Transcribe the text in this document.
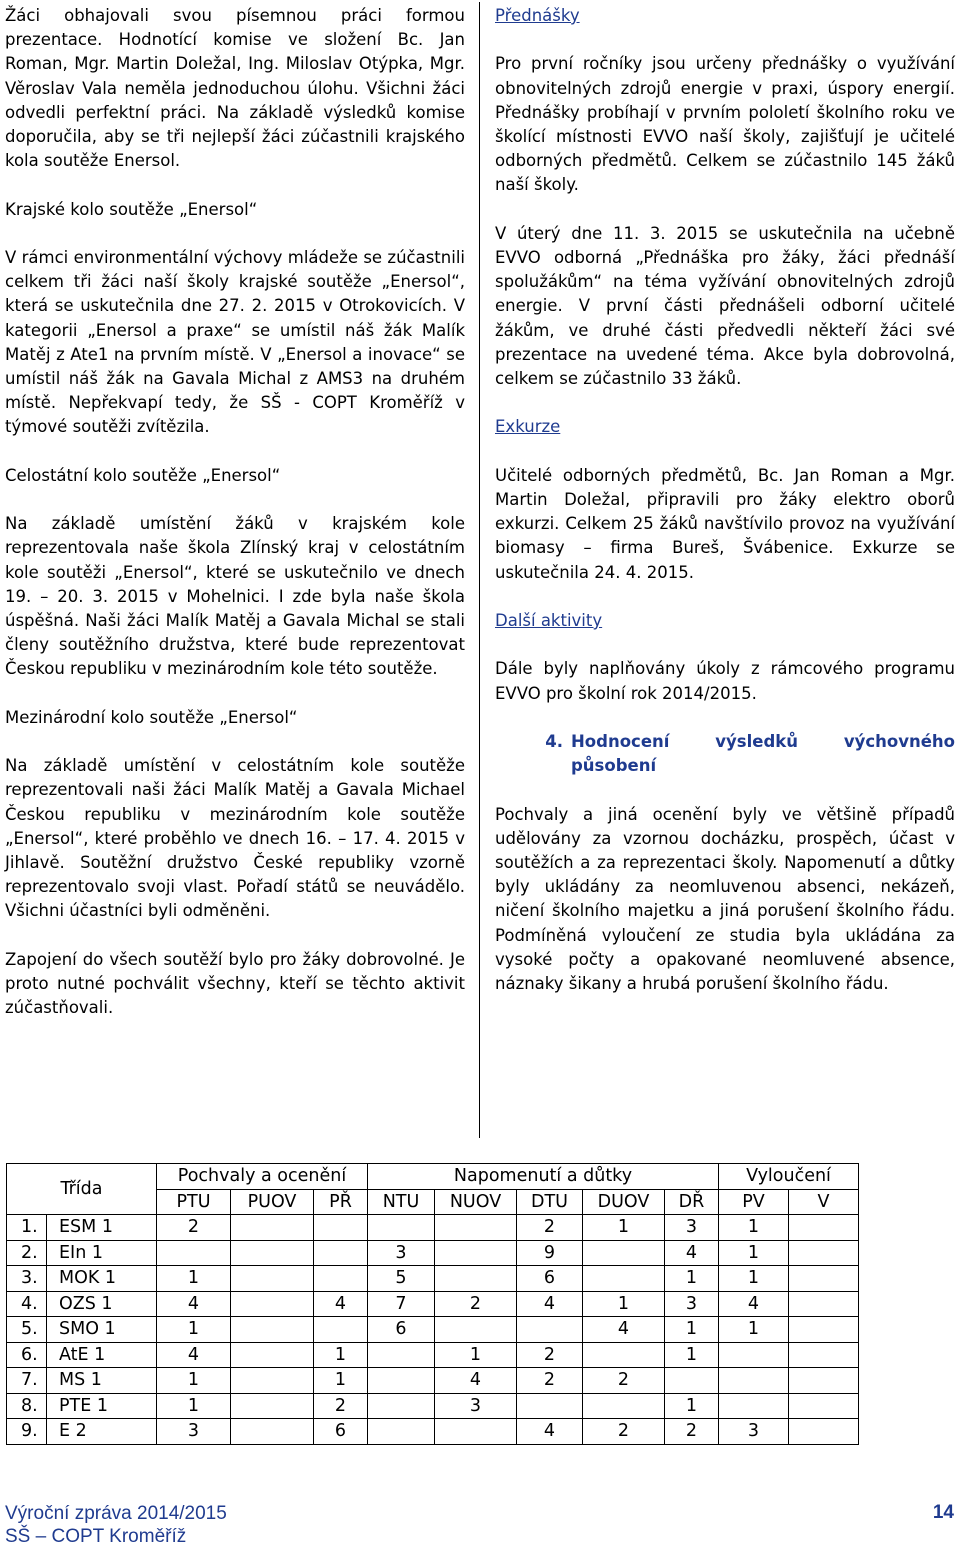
Žáci obhajovali svou písemnou práci formou prezentace. Hodnotící komise ve složení Bc. Jan Roman, Mgr. Martin Doležal, Ing. Miloslav Otýpka, Mgr. Věroslav Vala neměla jednoduchou úlohu. Všichni žáci odvedli perfektní práci. Na základě výsledků komise doporučila, aby se tři nejlepší žáci zúčastnili krajského kola soutěže Enersol.

Krajské kolo soutěže „Enersol“

V rámci environmentální výchovy mládeže se zúčastnili celkem tři žáci naší školy krajské soutěže „Enersol“, která se uskutečnila dne 27. 2. 2015 v Otrokovicích. V kategorii „Enersol a praxe“ se umístil náš žák Malík Matěj z Ate1 na prvním místě. V „Enersol a inovace“ se umístil náš žák na Gavala Michal z AMS3 na druhém místě. Nepřekvapí tedy, že SŠ - COPT Kroměříž v týmové soutěži zvítězila.

Celostátní kolo soutěže „Enersol“

Na základě umístění žáků v krajském kole reprezentovala naše škola Zlínský kraj v celostátním kole soutěži „Enersol“, které se uskutečnilo ve dnech 19. – 20. 3. 2015 v Mohelnici. I zde byla naše škola úspěšná. Naši žáci Malík Matěj a Gavala Michal se stali členy soutěžního družstva, které bude reprezentovat Českou republiku v mezinárodním kole této soutěže.

Mezinárodní kolo soutěže „Enersol“

Na základě umístění v celostátním kole soutěže reprezentovali naši žáci Malík Matěj a Gavala Michael Českou republiku v mezinárodním kole soutěže „Enersol“, které proběhlo ve dnech 16. – 17. 4. 2015 v Jihlavě. Soutěžní družstvo České republiky vzorně reprezentovalo svoji vlast. Pořadí států se neuvádělo. Všichni účastníci byli odměněni.

Zapojení do všech soutěží bylo pro žáky dobrovolné. Je proto nutné pochválit všechny, kteří se těchto aktivit zúčastňovali.

Přednášky

Pro první ročníky jsou určeny přednášky o využívání obnovitelných zdrojů energie v praxi, úspory energií. Přednášky probíhají v prvním pololetí školního roku ve školící místnosti EVVO naší školy, zajišťují je učitelé odborných předmětů. Celkem se zúčastnilo 145 žáků naší školy.

V úterý dne 11. 3. 2015 se uskutečnila na učebně EVVO odborná „Přednáška pro žáky, žáci přednáší spolužákům“ na téma vyžívání obnovitelných zdrojů energie. V první části přednášeli odborní učitelé žákům, ve druhé části předvedli někteří žáci své prezentace na uvedené téma. Akce byla dobrovolná, celkem se zúčastnilo 33 žáků.

Exkurze

Učitelé odborných předmětů, Bc. Jan Roman a Mgr. Martin Doležal, připravili pro žáky elektro oborů exkurzi. Celkem 25 žáků navštívilo provoz na využívání biomasy – firma Bureš, Švábenice. Exkurze se uskutečnila 24. 4. 2015.

Další aktivity

Dále byly naplňovány úkoly z rámcového programu EVVO pro školní rok 2014/2015.

4. Hodnocení výsledků výchovného
působení

Pochvaly a jiná ocenění byly ve většině případů udělovány za vzornou docházku, prospěch, účast v soutěžích a za reprezentaci školy. Napomenutí a důtky byly ukládány za neomluvenou absenci, nekázeň, ničení školního majetku a jiná porušení školního řádu. Podmíněná vyloučení ze studia byla ukládána za vysoké počty a opakované neomluvené absence, náznaky šikany a hrubá porušení školního řádu.

Třída		Pochvaly a ocenění			Napomenutí a důtky					Vyloučení	
		PTU	PUOV	PŘ	NTU	NUOV	DTU	DUOV	DŘ	PV	V
1.	ESM 1	2					2	1	3	1	
2.	EIn 1				3		9		4	1	
3.	MOK 1	1			5		6		1	1	
4.	OZS 1	4		4	7	2	4	1	3	4	
5.	SMO 1	1			6			4	1	1	
6.	AtE 1	4		1		1	2		1		
7.	MS 1	1		1		4	2	2			
8.	PTE 1	1		2		3			1		
9.	E 2	3		6			4	2	2	3	
Výroční zpráva 2014/2015
SŠ – COPT Kroměříž
14
